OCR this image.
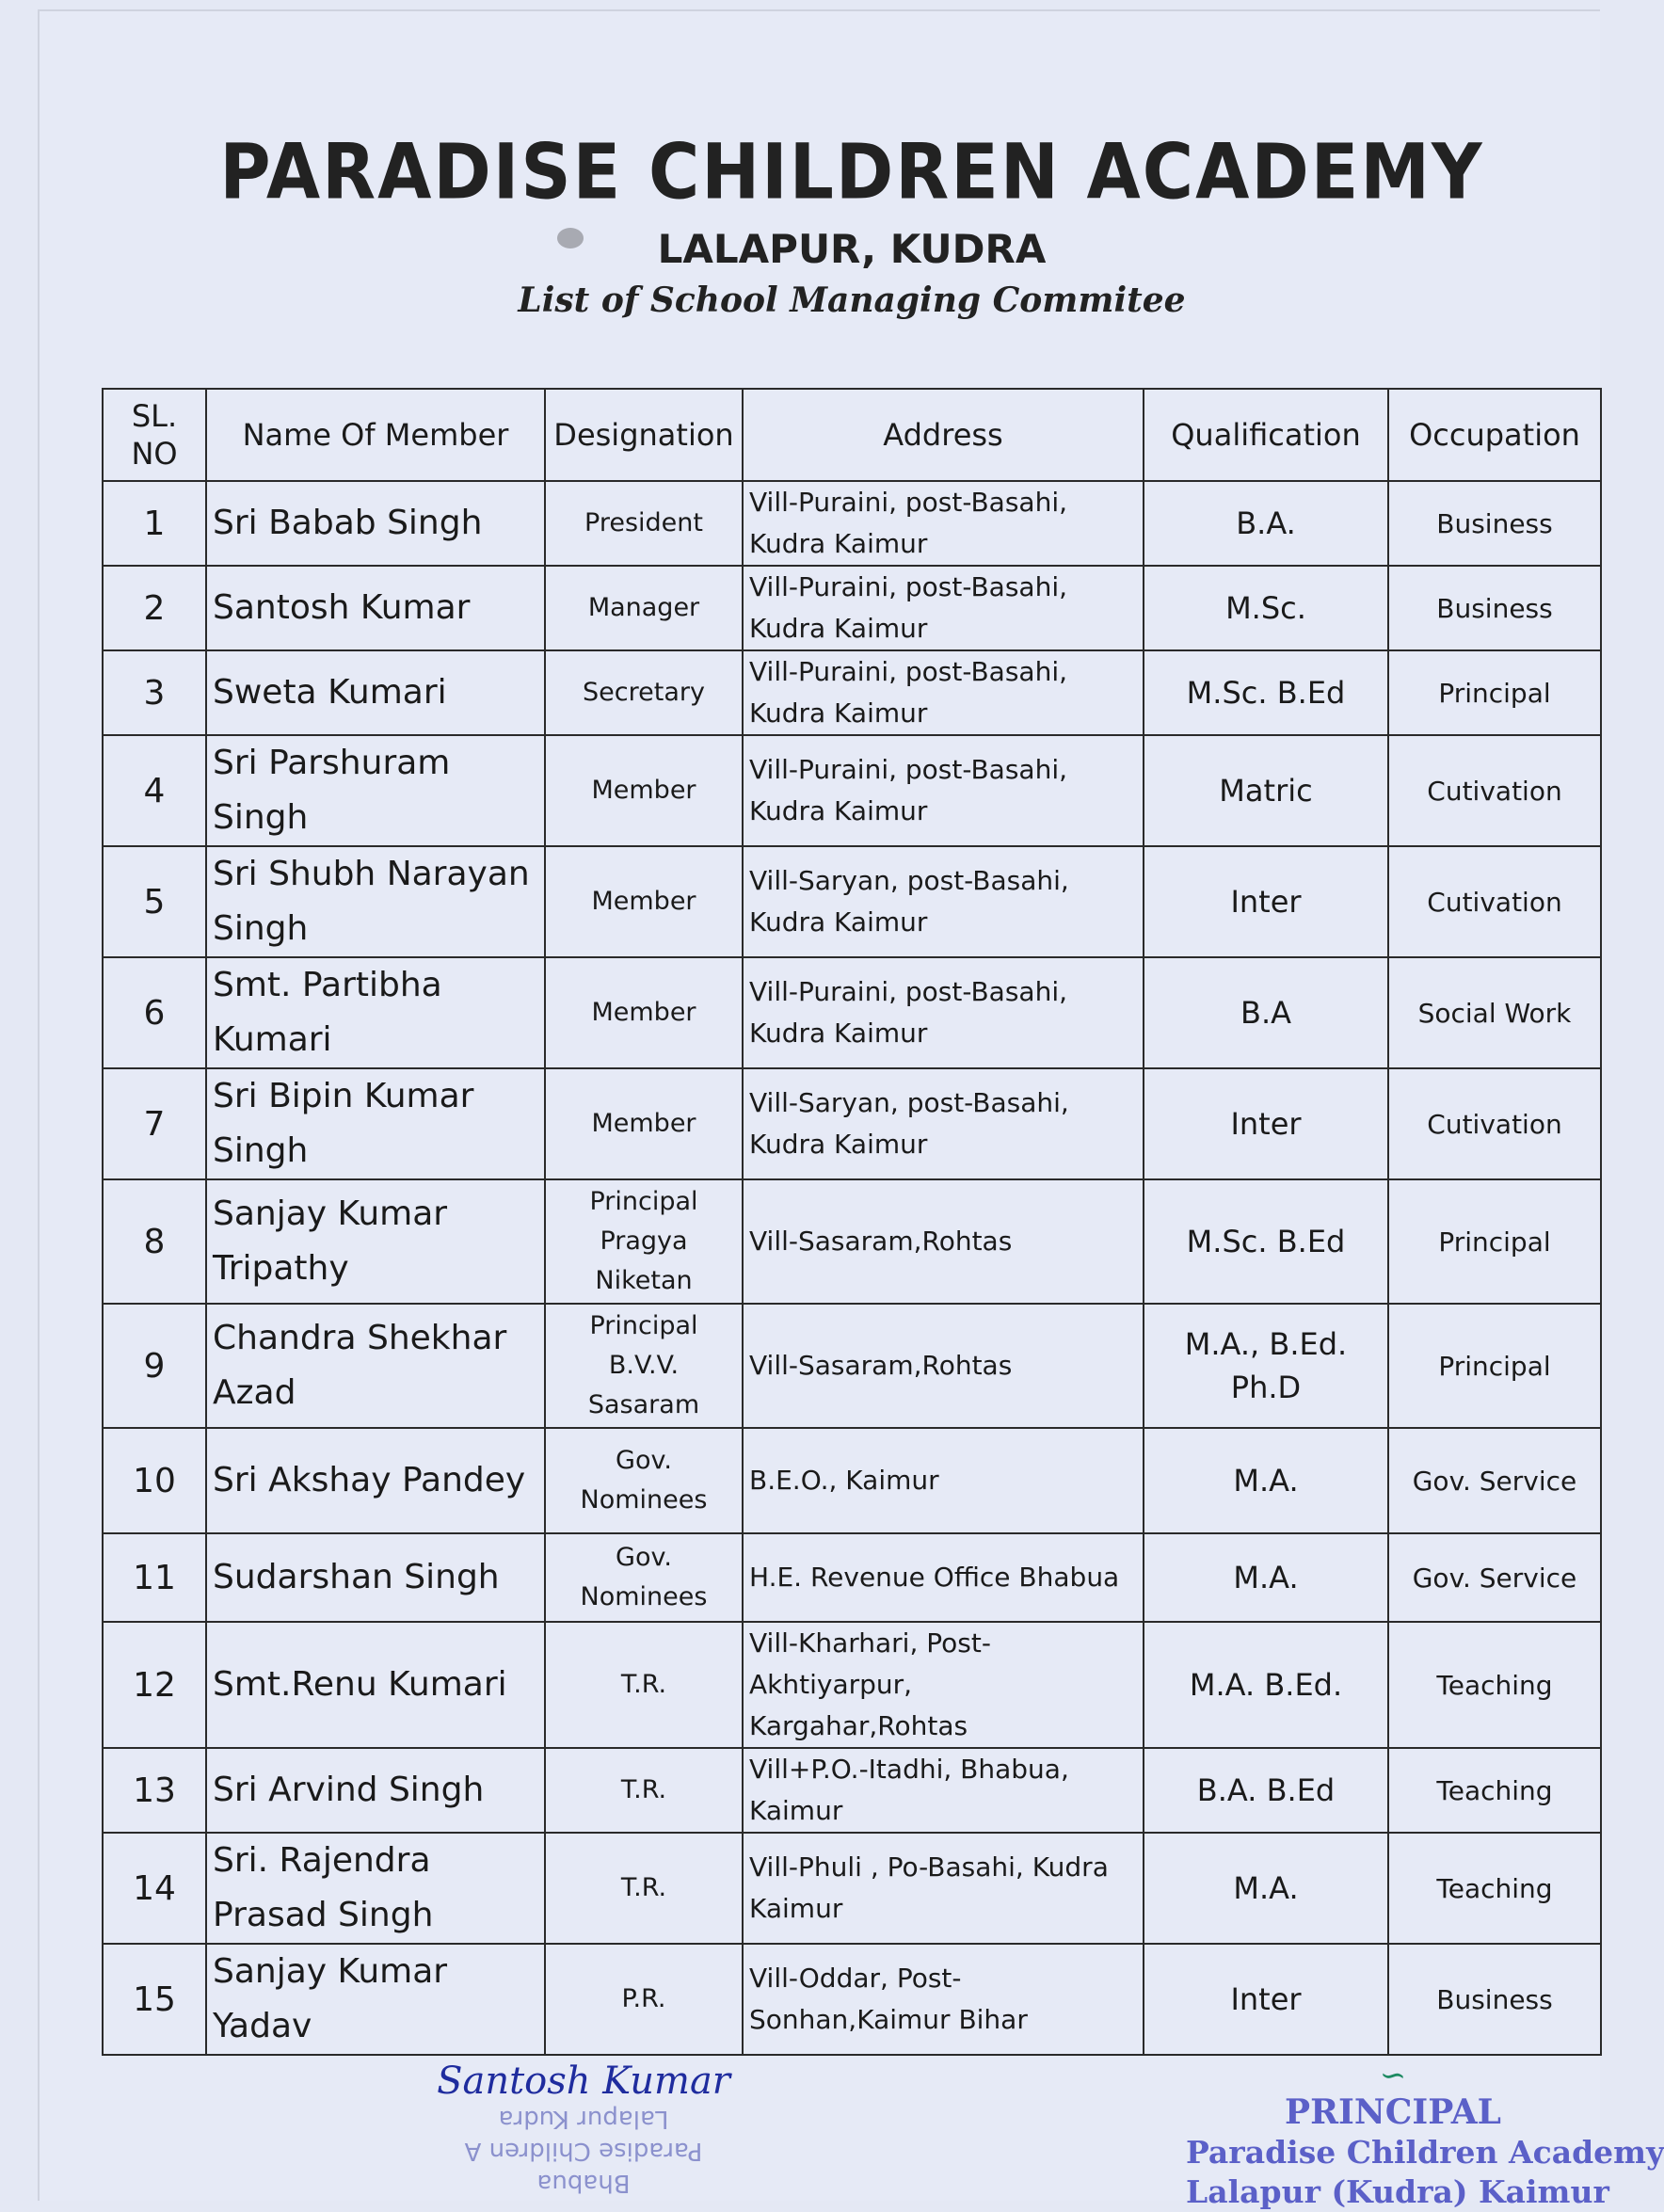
PARADISE CHILDREN ACADEMY
LALAPUR, KUDRA
List of School Managing Commitee
SL. NO	Name Of Member	Designation	Address	Qualification	Occupation
1	Sri Babab Singh	President	Vill-Puraini, post-Basahi, Kudra Kaimur	B.A.	Business
2	Santosh Kumar	Manager	Vill-Puraini, post-Basahi, Kudra Kaimur	M.Sc.	Business
3	Sweta Kumari	Secretary	Vill-Puraini, post-Basahi, Kudra Kaimur	M.Sc. B.Ed	Principal
4	Sri Parshuram Singh	Member	Vill-Puraini, post-Basahi, Kudra Kaimur	Matric	Cutivation
5	Sri Shubh Narayan Singh	Member	Vill-Saryan, post-Basahi, Kudra Kaimur	Inter	Cutivation
6	Smt. Partibha Kumari	Member	Vill-Puraini, post-Basahi, Kudra Kaimur	B.A	Social Work
7	Sri Bipin Kumar Singh	Member	Vill-Saryan, post-Basahi, Kudra Kaimur	Inter	Cutivation
8	Sanjay Kumar Tripathy	Principal Pragya Niketan	Vill-Sasaram,Rohtas	M.Sc. B.Ed	Principal
9	Chandra Shekhar Azad	Principal B.V.V. Sasaram	Vill-Sasaram,Rohtas	M.A., B.Ed. Ph.D	Principal
10	Sri Akshay Pandey	Gov. Nominees	B.E.O., Kaimur	M.A.	Gov. Service
11	Sudarshan Singh	Gov. Nominees	H.E. Revenue Office Bhabua	M.A.	Gov. Service
12	Smt.Renu Kumari	T.R.	Vill-Kharhari, Post-Akhtiyarpur, Kargahar,Rohtas	M.A. B.Ed.	Teaching
13	Sri Arvind Singh	T.R.	Vill+P.O.-Itadhi, Bhabua, Kaimur	B.A. B.Ed	Teaching
14	Sri. Rajendra Prasad Singh	T.R.	Vill-Phuli , Po-Basahi, Kudra Kaimur	M.A.	Teaching
15	Sanjay Kumar Yadav	P.R.	Vill-Oddar, Post-Sonhan,Kaimur Bihar	Inter	Business
Santosh Kumar
Lalapur Kudra
Paradise Children A
Bhabua
∽
PRINCIPAL
Paradise Children Academy
Lalapur (Kudra) Kaimur
